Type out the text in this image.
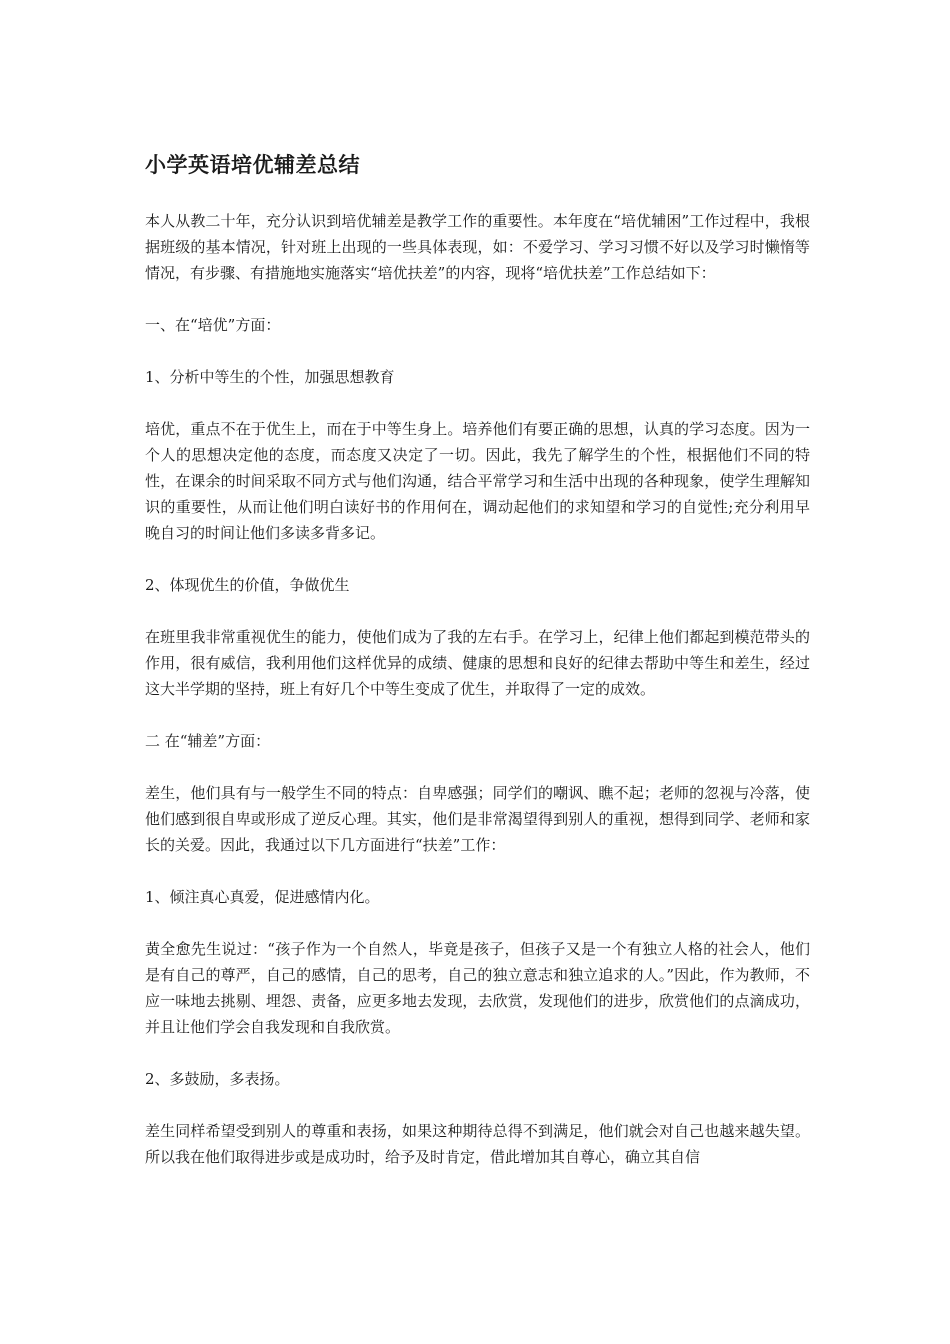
小学英语培优辅差总结

本人从教二十年，充分认识到培优辅差是教学工作的重要性。本年度在“培优辅困”工作过程中，我根据班级的基本情况，针对班上出现的一些具体表现，如：不爱学习、学习习惯不好以及学习时懒惰等情况，有步骤、有措施地实施落实“培优扶差”的内容，现将“培优扶差”工作总结如下：

一、在“培优”方面：

1、分析中等生的个性，加强思想教育

培优，重点不在于优生上，而在于中等生身上。培养他们有要正确的思想，认真的学习态度。因为一个人的思想决定他的态度，而态度又决定了一切。因此，我先了解学生的个性，根据他们不同的特性，在课余的时间采取不同方式与他们沟通，结合平常学习和生活中出现的各种现象，使学生理解知识的重要性，从而让他们明白读好书的作用何在，调动起他们的求知望和学习的自觉性;充分利用早晚自习的时间让他们多读多背多记。

2、体现优生的价值，争做优生

在班里我非常重视优生的能力，使他们成为了我的左右手。在学习上，纪律上他们都起到模范带头的作用，很有威信，我利用他们这样优异的成绩、健康的思想和良好的纪律去帮助中等生和差生，经过这大半学期的坚持，班上有好几个中等生变成了优生，并取得了一定的成效。

二 在“辅差”方面：

差生，他们具有与一般学生不同的特点：自卑感强；同学们的嘲讽、瞧不起；老师的忽视与冷落，使他们感到很自卑或形成了逆反心理。其实，他们是非常渴望得到别人的重视，想得到同学、老师和家长的关爱。因此，我通过以下几方面进行“扶差”工作：

1、倾注真心真爱，促进感情内化。

黄全愈先生说过：“孩子作为一个自然人，毕竟是孩子，但孩子又是一个有独立人格的社会人，他们是有自己的尊严，自己的感情，自己的思考，自己的独立意志和独立追求的人。”因此，作为教师，不应一味地去挑剔、埋怨、责备，应更多地去发现，去欣赏，发现他们的进步，欣赏他们的点滴成功，并且让他们学会自我发现和自我欣赏。

2、多鼓励，多表扬。

差生同样希望受到别人的尊重和表扬，如果这种期待总得不到满足，他们就会对自己也越来越失望。所以我在他们取得进步或是成功时，给予及时肯定，借此增加其自尊心，确立其自信
